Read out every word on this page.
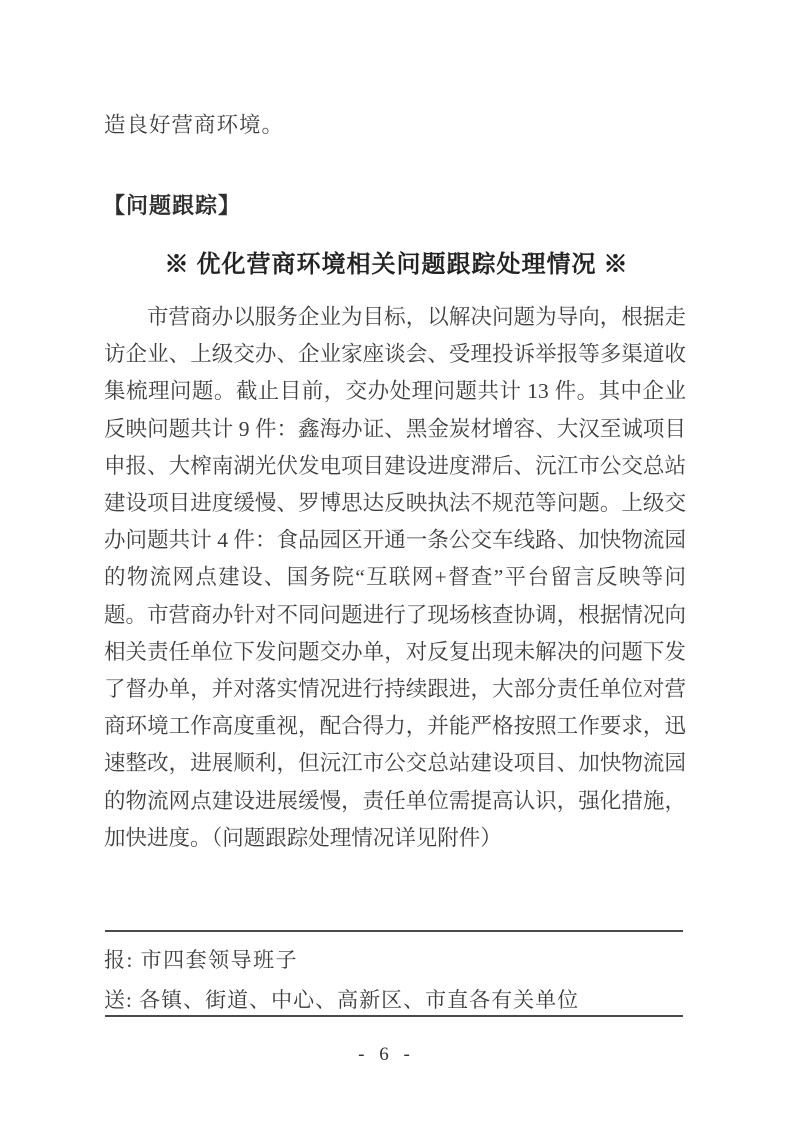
造良好营商环境。

【问题跟踪】
※ 优化营商环境相关问题跟踪处理情况 ※

市营商办以服务企业为目标，以解决问题为导向，根据走访企业、上级交办、企业家座谈会、受理投诉举报等多渠道收集梳理问题。截止目前，交办处理问题共计 13 件。其中企业反映问题共计 9 件：鑫海办证、黑金炭材增容、大汉至诚项目申报、大榨南湖光伏发电项目建设进度滞后、沅江市公交总站建设项目进度缓慢、罗博思达反映执法不规范等问题。上级交办问题共计 4 件：食品园区开通一条公交车线路、加快物流园的物流网点建设、国务院“互联网+督查”平台留言反映等问题。市营商办针对不同问题进行了现场核查协调，根据情况向相关责任单位下发问题交办单，对反复出现未解决的问题下发了督办单，并对落实情况进行持续跟进，大部分责任单位对营商环境工作高度重视，配合得力，并能严格按照工作要求，迅速整改，进展顺利，但沅江市公交总站建设项目、加快物流园的物流网点建设进展缓慢，责任单位需提高认识，强化措施，加快进度。（问题跟踪处理情况详见附件）

报: 市四套领导班子

送: 各镇、街道、中心、高新区、市直各有关单位

- 6 -
